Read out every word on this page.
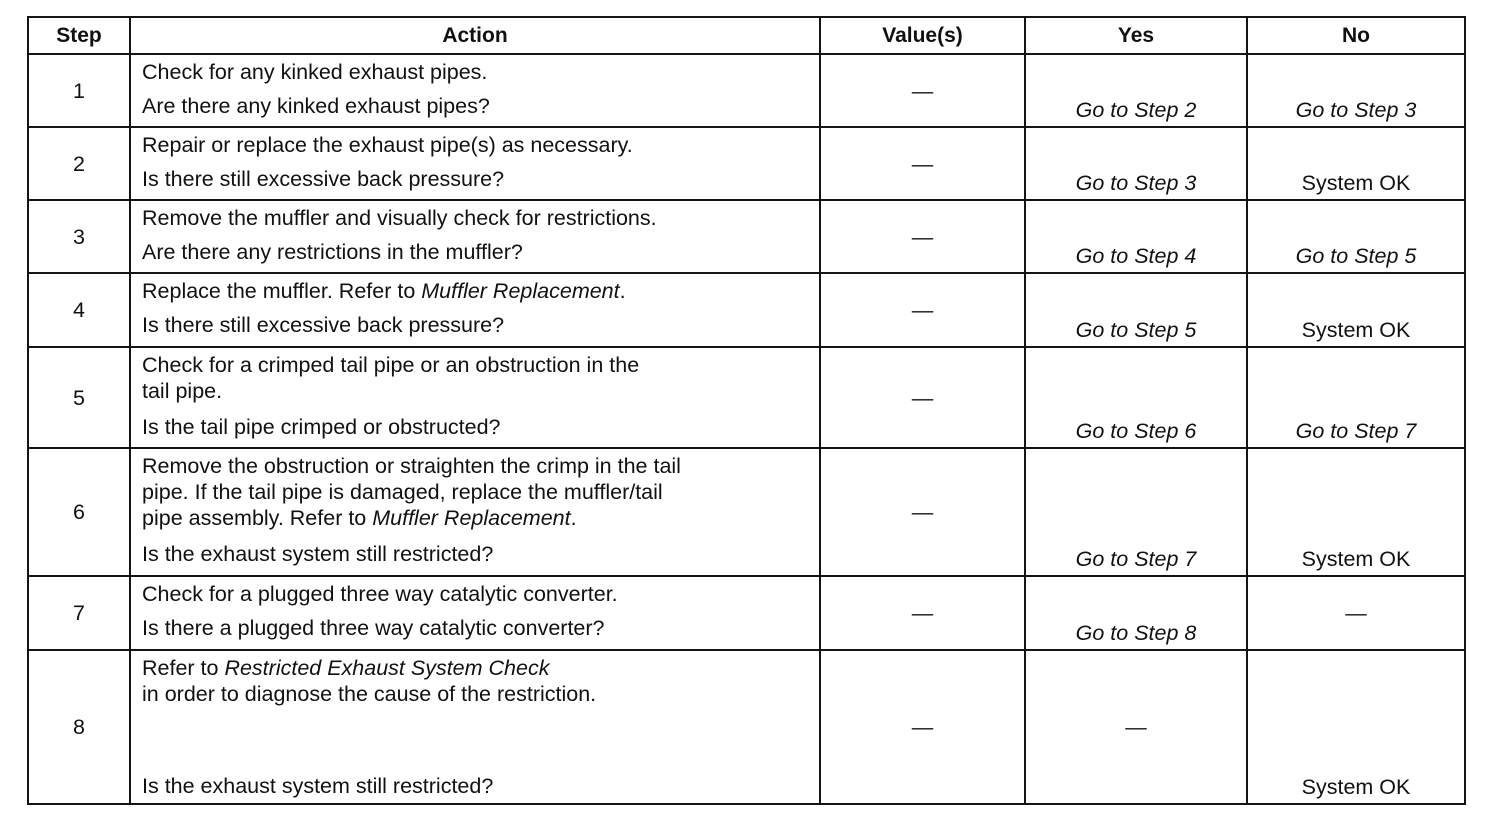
Step	Action	Value(s)	Yes	No
1	Check for any kinked exhaust pipes.
Are there any kinked exhaust pipes?	—	Go to Step 2	Go to Step 3
2	Repair or replace the exhaust pipe(s) as necessary.
Is there still excessive back pressure?	—	Go to Step 3	System OK
3	Remove the muffler and visually check for restrictions.
Are there any restrictions in the muffler?	—	Go to Step 4	Go to Step 5
4	Replace the muffler. Refer to Muffler Replacement.
Is there still excessive back pressure?	—	Go to Step 5	System OK
5	Check for a crimped tail pipe or an obstruction in the
tail pipe.
Is the tail pipe crimped or obstructed?	—	Go to Step 6	Go to Step 7
6	Remove the obstruction or straighten the crimp in the tail
pipe. If the tail pipe is damaged, replace the muffler/tail
pipe assembly. Refer to Muffler Replacement.
Is the exhaust system still restricted?	—	Go to Step 7	System OK
7	Check for a plugged three way catalytic converter.
Is there a plugged three way catalytic converter?	—	Go to Step 8	—
8	Refer to Restricted Exhaust System Check
in order to diagnose the cause of the restriction.
Is the exhaust system still restricted?	—	—	System OK
